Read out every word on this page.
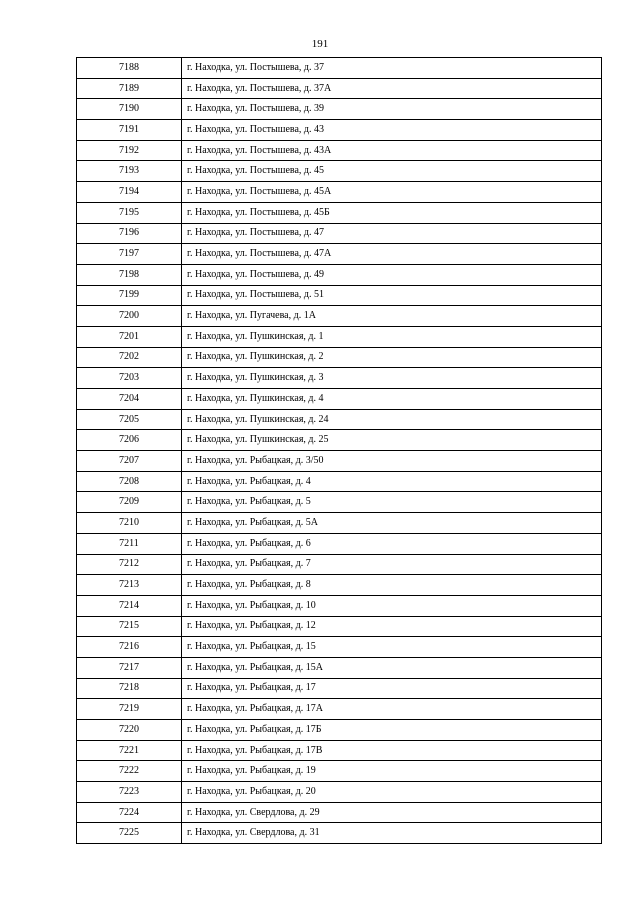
191
7188	г. Находка, ул. Постышева, д. 37
7189	г. Находка, ул. Постышева, д. 37А
7190	г. Находка, ул. Постышева, д. 39
7191	г. Находка, ул. Постышева, д. 43
7192	г. Находка, ул. Постышева, д. 43А
7193	г. Находка, ул. Постышева, д. 45
7194	г. Находка, ул. Постышева, д. 45А
7195	г. Находка, ул. Постышева, д. 45Б
7196	г. Находка, ул. Постышева, д. 47
7197	г. Находка, ул. Постышева, д. 47А
7198	г. Находка, ул. Постышева, д. 49
7199	г. Находка, ул. Постышева, д. 51
7200	г. Находка, ул. Пугачева, д. 1А
7201	г. Находка, ул. Пушкинская, д. 1
7202	г. Находка, ул. Пушкинская, д. 2
7203	г. Находка, ул. Пушкинская, д. 3
7204	г. Находка, ул. Пушкинская, д. 4
7205	г. Находка, ул. Пушкинская, д. 24
7206	г. Находка, ул. Пушкинская, д. 25
7207	г. Находка, ул. Рыбацкая, д. 3/50
7208	г. Находка, ул. Рыбацкая, д. 4
7209	г. Находка, ул. Рыбацкая, д. 5
7210	г. Находка, ул. Рыбацкая, д. 5А
7211	г. Находка, ул. Рыбацкая, д. 6
7212	г. Находка, ул. Рыбацкая, д. 7
7213	г. Находка, ул. Рыбацкая, д. 8
7214	г. Находка, ул. Рыбацкая, д. 10
7215	г. Находка, ул. Рыбацкая, д. 12
7216	г. Находка, ул. Рыбацкая, д. 15
7217	г. Находка, ул. Рыбацкая, д. 15А
7218	г. Находка, ул. Рыбацкая, д. 17
7219	г. Находка, ул. Рыбацкая, д. 17А
7220	г. Находка, ул. Рыбацкая, д. 17Б
7221	г. Находка, ул. Рыбацкая, д. 17В
7222	г. Находка, ул. Рыбацкая, д. 19
7223	г. Находка, ул. Рыбацкая, д. 20
7224	г. Находка, ул. Свердлова, д. 29
7225	г. Находка, ул. Свердлова, д. 31
